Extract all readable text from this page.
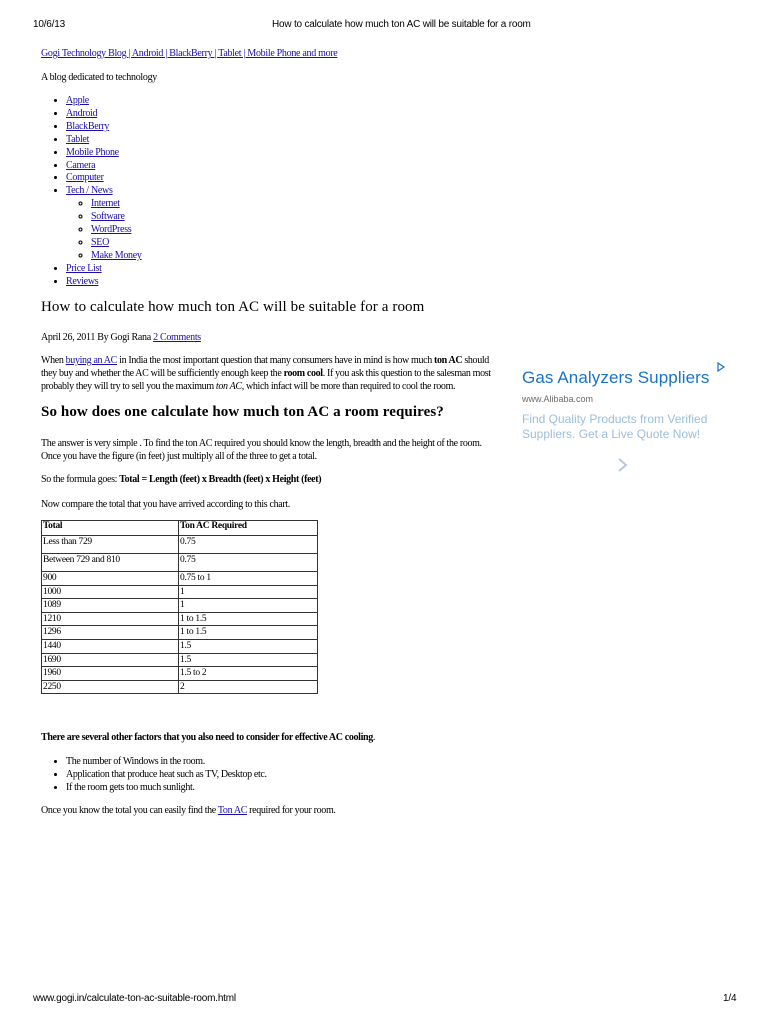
10/6/13	How to calculate how much ton AC will be suitable for a room
Gogi Technology Blog | Android | BlackBerry | Tablet | Mobile Phone and more
A blog dedicated to technology
• Apple
• Android
• BlackBerry
• Tablet
• Mobile Phone
• Camera
• Computer
• Tech / News
◦ Internet
◦ Software
◦ WordPress
◦ SEO
◦ Make Money
• Price List
• Reviews
How to calculate how much ton AC will be suitable for a room
April 26, 2011 By Gogi Rana 2 Comments

When buying an AC in India the most important question that many consumers have in mind is how much ton AC should they buy and whether the AC will be sufficiently enough keep the room cool. If you ask this question to the salesman most probably they will try to sell you the maximum ton AC, which infact will be more than required to cool the room.

So how does one calculate how much ton AC a room requires?

The answer is very simple . To find the ton AC required you should know the length, breadth and the height of the room. Once you have the figure (in feet) just multiply all of the three to get a total.

So the formula goes: Total = Length (feet) x Breadth (feet) x Height (feet)

Now compare the total that you have arrived according to this chart.

Total	Ton AC Required
Less than 729	0.75
Between 729 and 810	0.75
900	0.75 to 1
1000	1
1089	1
1210	1 to 1.5
1296	1 to 1.5
1440	1.5
1690	1.5
1960	1.5 to 2
2250	2

There are several other factors that you also need to consider for effective AC cooling.

• The number of Windows in the room.
• Application that produce heat such as TV, Desktop etc.
• If the room gets too much sunlight.

Once you know the total you can easily find the Ton AC required for your room.

Gas Analyzers Suppliers
www.Alibaba.com
Find Quality Products from Verified Suppliers. Get a Live Quote Now!
www.gogi.in/calculate-ton-ac-suitable-room.html	1/4
